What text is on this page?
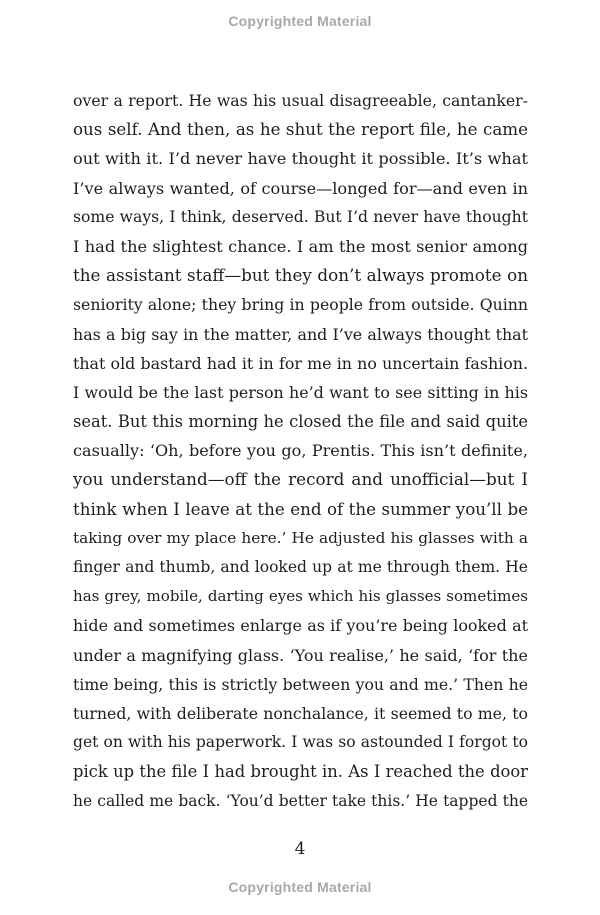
Copyrighted Material
over a report. He was his usual disagreeable, cantanker-
ous self. And then, as he shut the report file, he came
out with it. I’d never have thought it possible. It’s what
I’ve always wanted, of course—longed for—and even in
some ways, I think, deserved. But I’d never have thought
I had the slightest chance. I am the most senior among
the assistant staff—but they don’t always promote on
seniority alone; they bring in people from outside. Quinn
has a big say in the matter, and I’ve always thought that
that old bastard had it in for me in no uncertain fashion.
I would be the last person he’d want to see sitting in his
seat. But this morning he closed the file and said quite
casually: ‘Oh, before you go, Prentis. This isn’t definite,
you understand—off the record and unofficial—but I
think when I leave at the end of the summer you’ll be
taking over my place here.’ He adjusted his glasses with a
finger and thumb, and looked up at me through them. He
has grey, mobile, darting eyes which his glasses sometimes
hide and sometimes enlarge as if you’re being looked at
under a magnifying glass. ‘You realise,’ he said, ‘for the
time being, this is strictly between you and me.’ Then he
turned, with deliberate nonchalance, it seemed to me, to
get on with his paperwork. I was so astounded I forgot to
pick up the file I had brought in. As I reached the door
he called me back. ‘You’d better take this.’ He tapped the
4
Copyrighted Material
